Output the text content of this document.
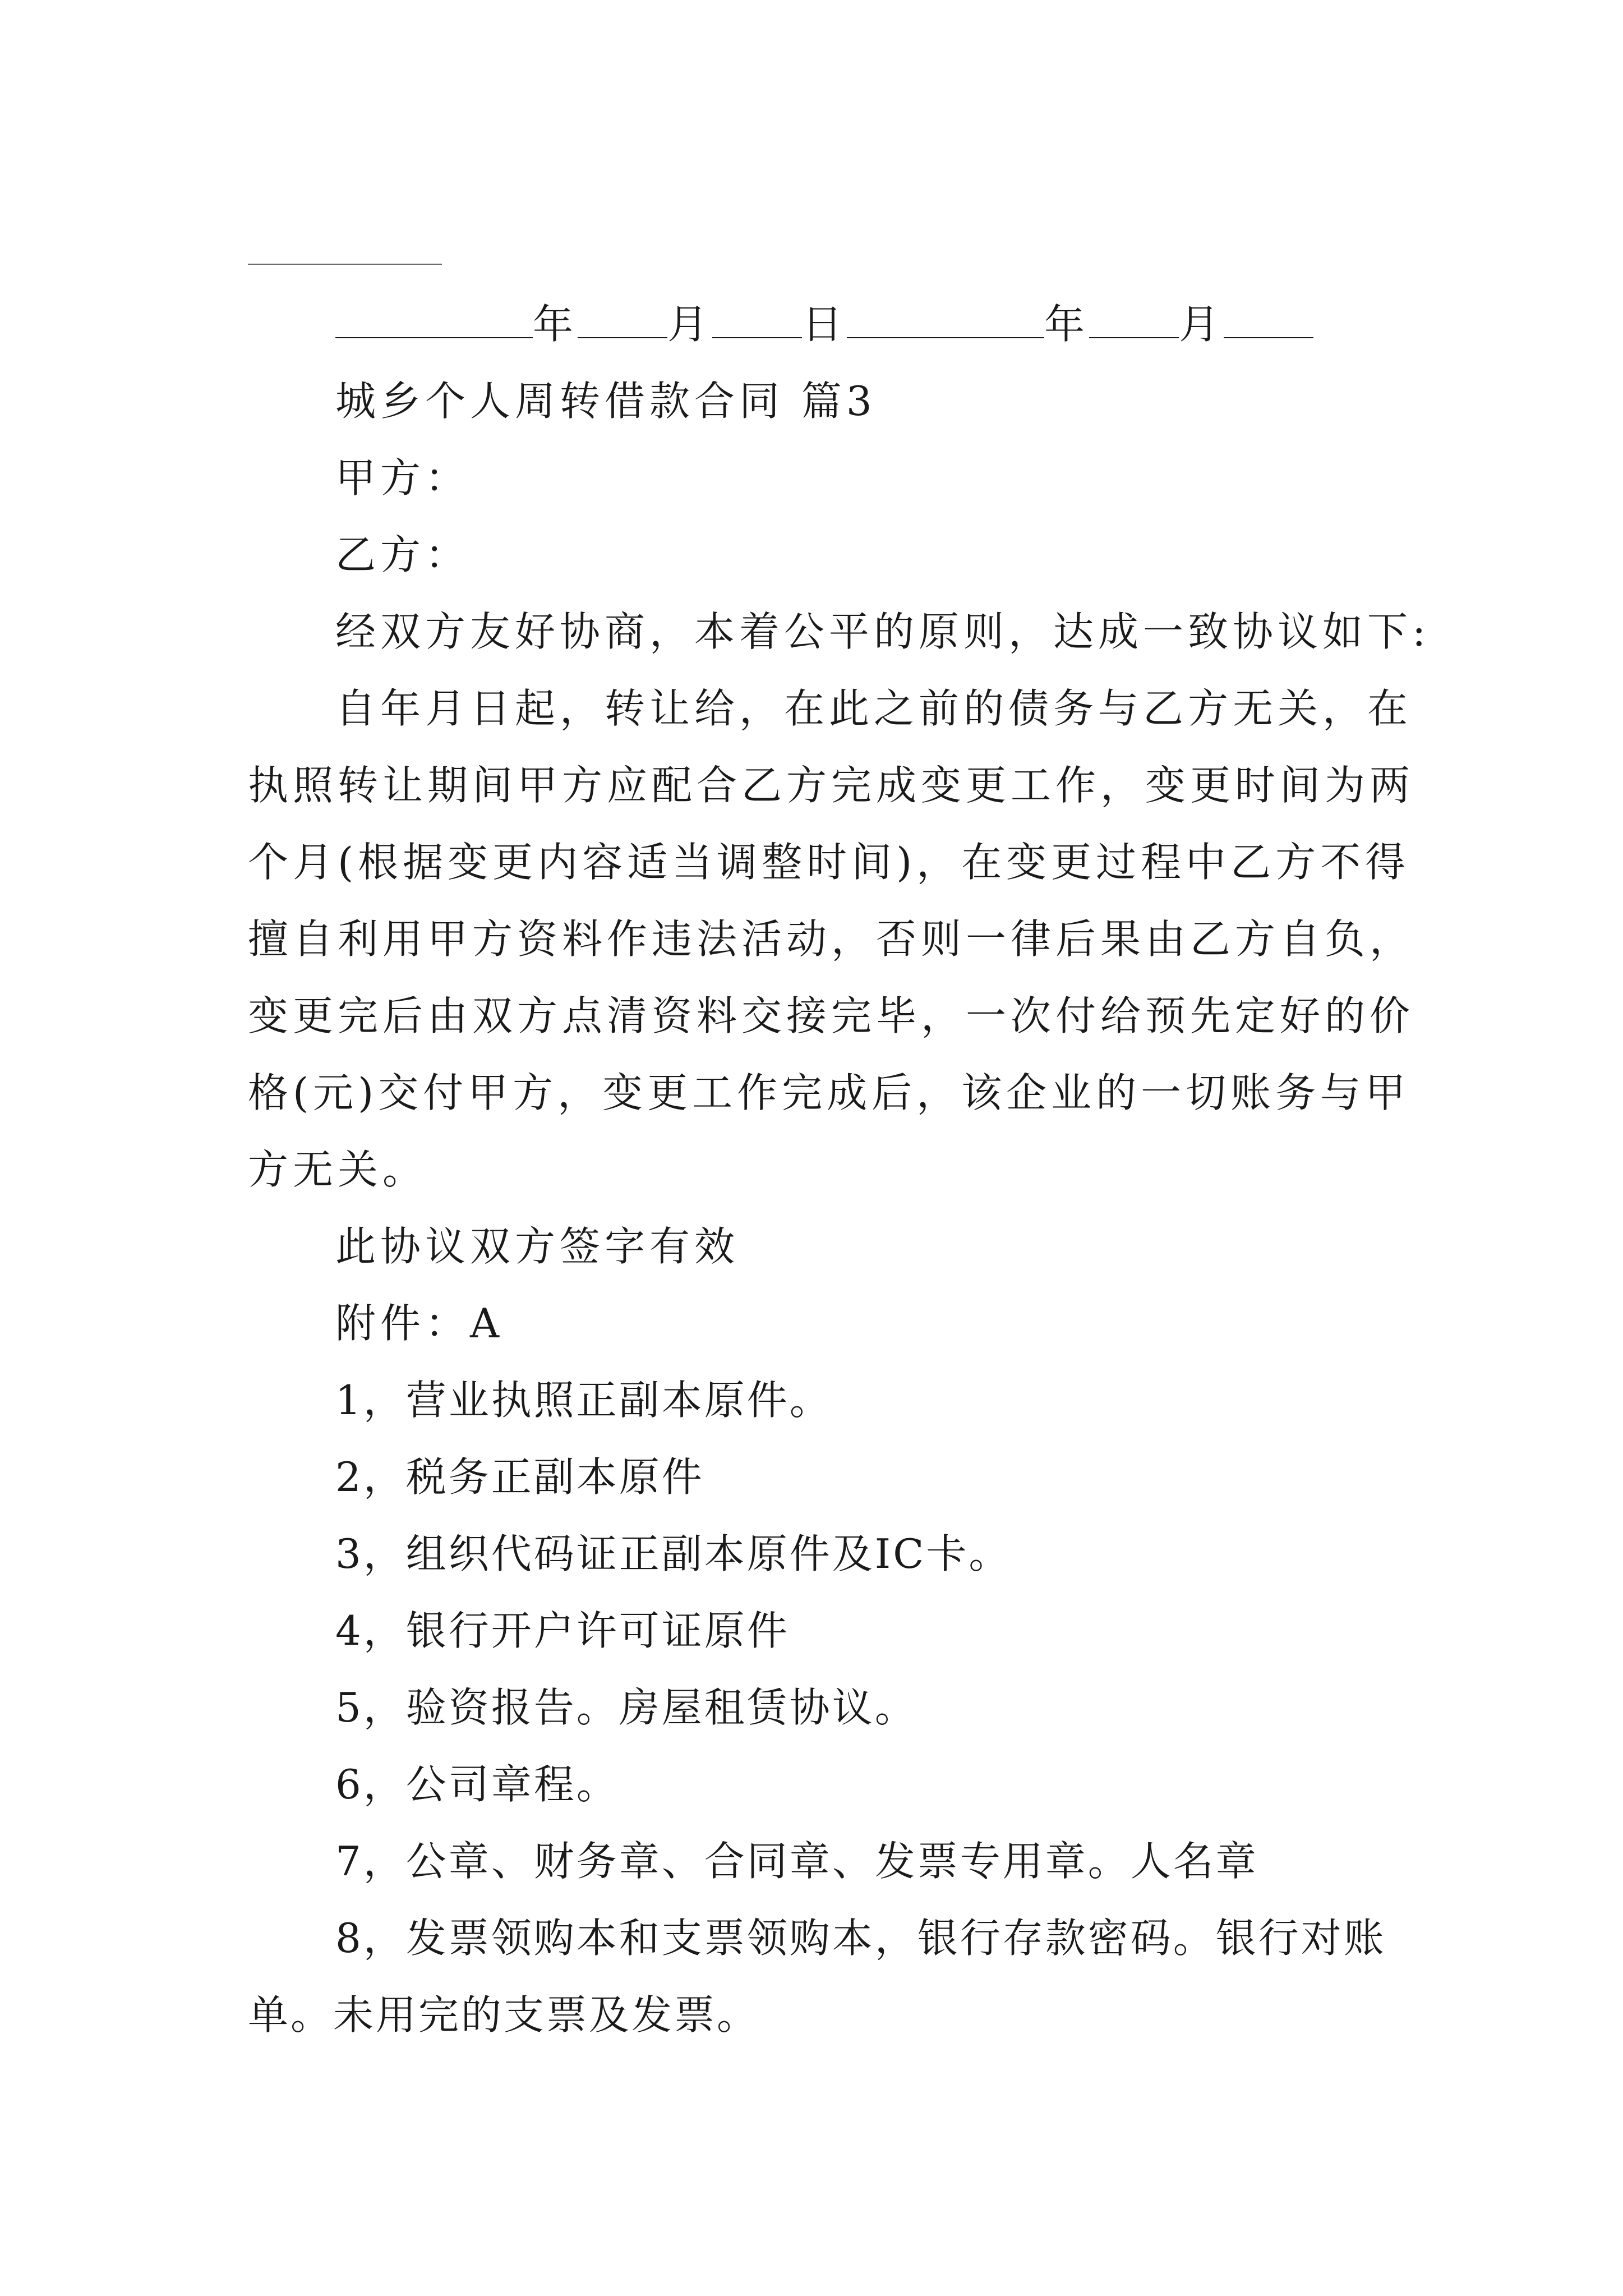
年 月 日	年 月

城乡个人周转借款合同 篇3

甲方：

乙方：

经双方友好协商，本着公平的原则，达成一致协议如下:

自年月日起，转让给，在此之前的债务与乙方无关，在执照转让期间甲方应配合乙方完成变更工作，变更时间为两个月(根据变更内容适当调整时间)，在变更过程中乙方不得擅自利用甲方资料作违法活动，否则一律后果由乙方自负，变更完后由双方点清资料交接完毕，一次付给预先定好的价格(元)交付甲方，变更工作完成后，该企业的一切账务与甲方无关。

此协议双方签字有效

附件：A

1，营业执照正副本原件。

2，税务正副本原件

3，组织代码证正副本原件及IC卡。

4，银行开户许可证原件

5，验资报告。房屋租赁协议。

6，公司章程。

7，公章、财务章、合同章、发票专用章。人名章

8，发票领购本和支票领购本，银行存款密码。银行对账单。未用完的支票及发票。
